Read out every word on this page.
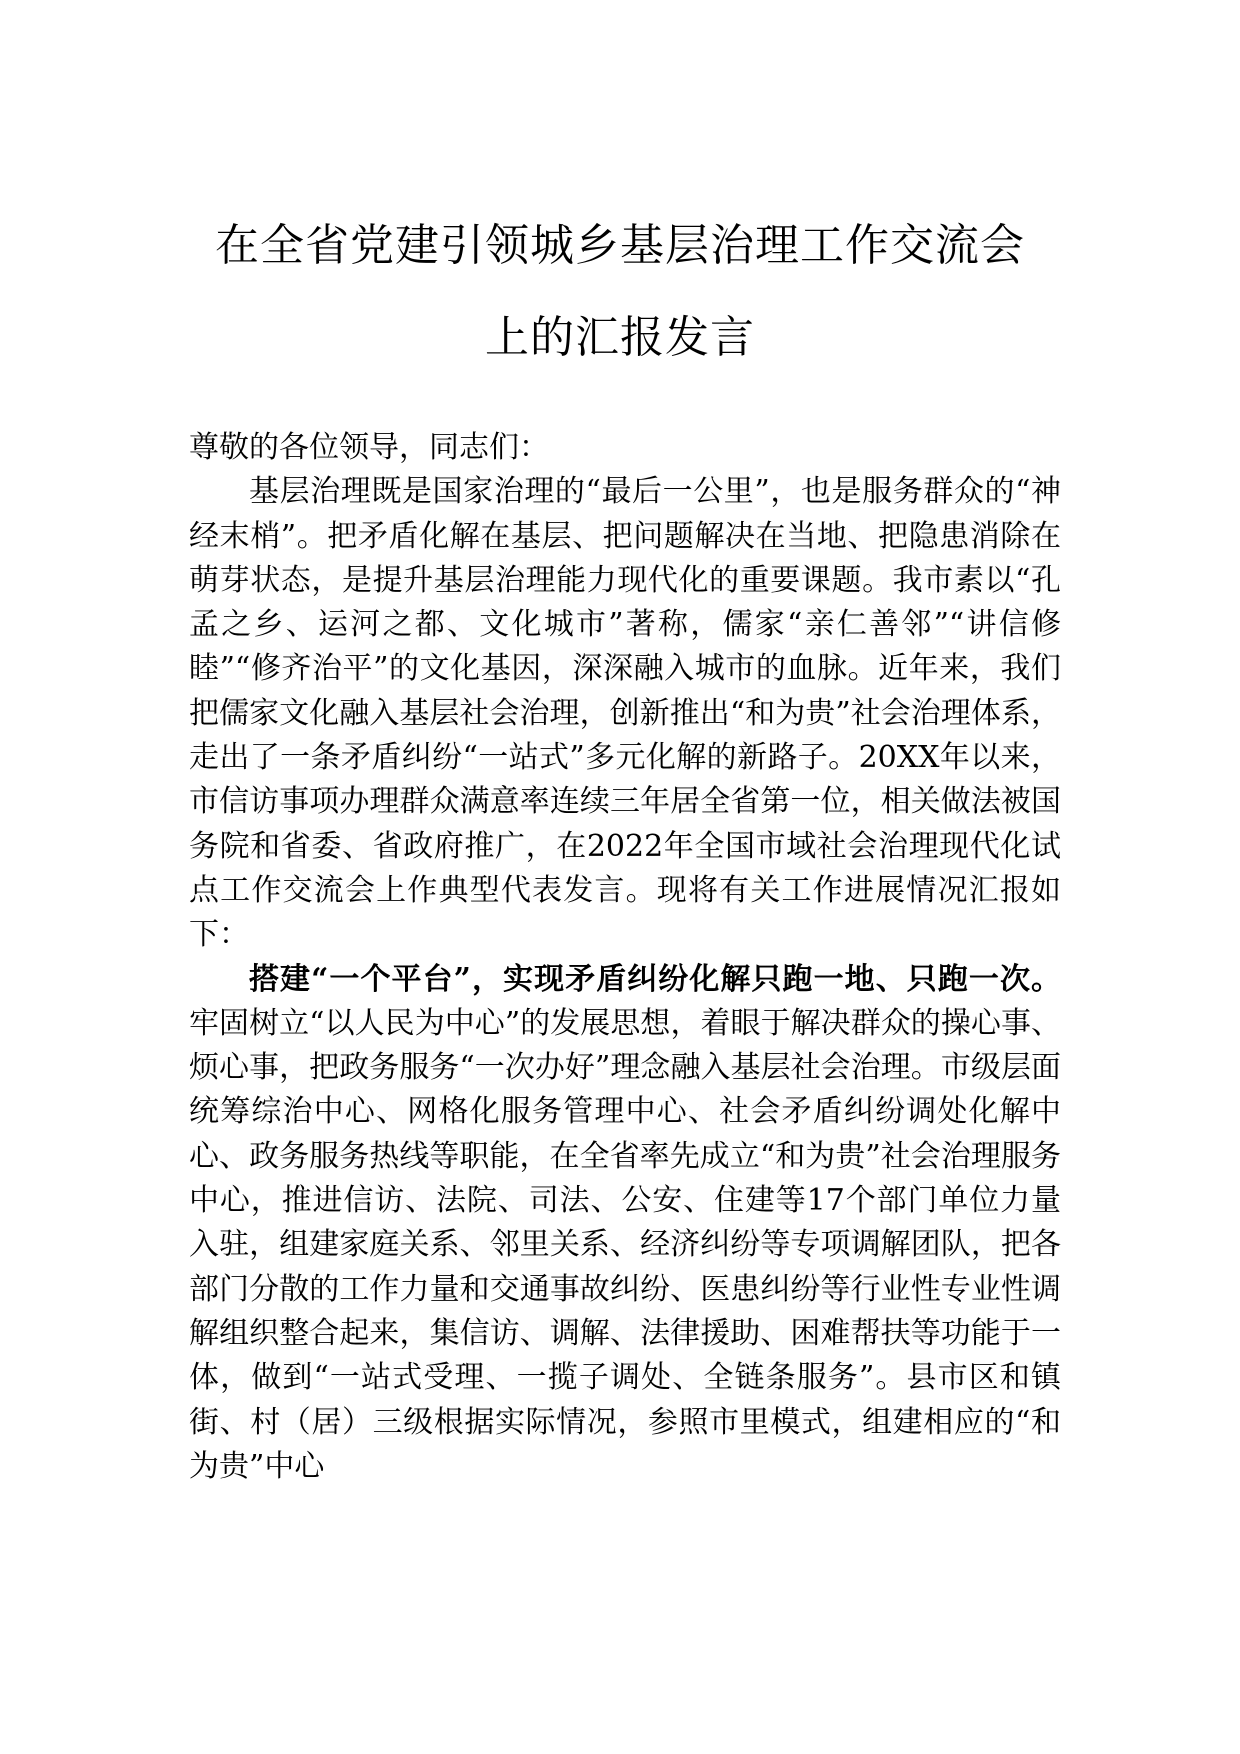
在全省党建引领城乡基层治理工作交流会
上的汇报发言

尊敬的各位领导，同志们：

基层治理既是国家治理的“最后一公里”，也是服务群众的“神经末梢”。把矛盾化解在基层、把问题解决在当地、把隐患消除在萌芽状态，是提升基层治理能力现代化的重要课题。我市素以“孔孟之乡、运河之都、文化城市”著称，儒家“亲仁善邻”“讲信修睦”“修齐治平”的文化基因，深深融入城市的血脉。近年来，我们把儒家文化融入基层社会治理，创新推出“和为贵”社会治理体系，走出了一条矛盾纠纷“一站式”多元化解的新路子。20XX年以来，市信访事项办理群众满意率连续三年居全省第一位，相关做法被国务院和省委、省政府推广，在2022年全国市域社会治理现代化试点工作交流会上作典型代表发言。现将有关工作进展情况汇报如下：

搭建“一个平台”，实现矛盾纠纷化解只跑一地、只跑一次。牢固树立“以人民为中心”的发展思想，着眼于解决群众的操心事、烦心事，把政务服务“一次办好”理念融入基层社会治理。市级层面统筹综治中心、网格化服务管理中心、社会矛盾纠纷调处化解中心、政务服务热线等职能，在全省率先成立“和为贵”社会治理服务中心，推进信访、法院、司法、公安、住建等17个部门单位力量入驻，组建家庭关系、邻里关系、经济纠纷等专项调解团队，把各部门分散的工作力量和交通事故纠纷、医患纠纷等行业性专业性调解组织整合起来，集信访、调解、法律援助、困难帮扶等功能于一体，做到“一站式受理、一揽子调处、全链条服务”。县市区和镇街、村（居）三级根据实际情况，参照市里模式，组建相应的“和为贵”中心
